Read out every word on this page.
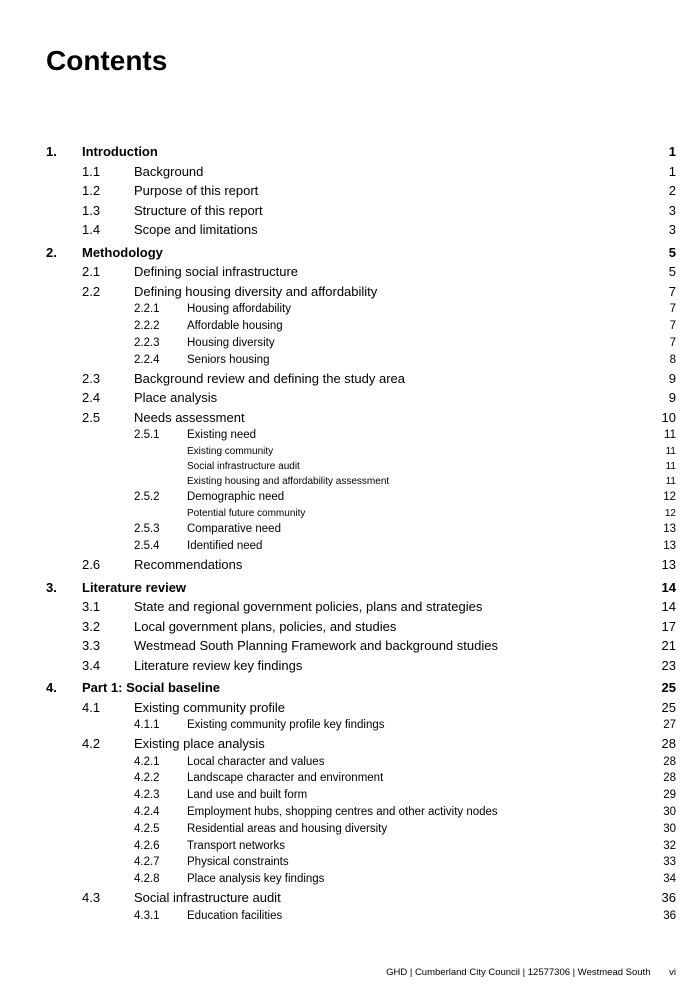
Contents
1. Introduction	1
1.1	Background	1
1.2	Purpose of this report	2
1.3	Structure of this report	3
1.4	Scope and limitations	3
2. Methodology	5
2.1	Defining social infrastructure	5
2.2	Defining housing diversity and affordability	7
2.2.1 Housing affordability	7
2.2.2 Affordable housing	7
2.2.3 Housing diversity	7
2.2.4 Seniors housing	8
2.3	Background review and defining the study area	9
2.4	Place analysis	9
2.5	Needs assessment	10
2.5.1 Existing need	11
Existing community	11
Social infrastructure audit	11
Existing housing and affordability assessment	11
2.5.2 Demographic need	12
Potential future community	12
2.5.3 Comparative need	13
2.5.4 Identified need	13
2.6	Recommendations	13
3. Literature review	14
3.1	State and regional government policies, plans and strategies	14
3.2	Local government plans, policies, and studies	17
3.3	Westmead South Planning Framework and background studies	21
3.4	Literature review key findings	23
4. Part 1: Social baseline	25
4.1	Existing community profile	25
4.1.1 Existing community profile key findings	27
4.2	Existing place analysis	28
4.2.1 Local character and values	28
4.2.2 Landscape character and environment	28
4.2.3 Land use and built form	29
4.2.4 Employment hubs, shopping centres and other activity nodes	30
4.2.5 Residential areas and housing diversity	30
4.2.6 Transport networks	32
4.2.7 Physical constraints	33
4.2.8 Place analysis key findings	34
4.3	Social infrastructure audit	36
4.3.1 Education facilities	36
GHD | Cumberland City Council | 12577306 | Westmead South vi
